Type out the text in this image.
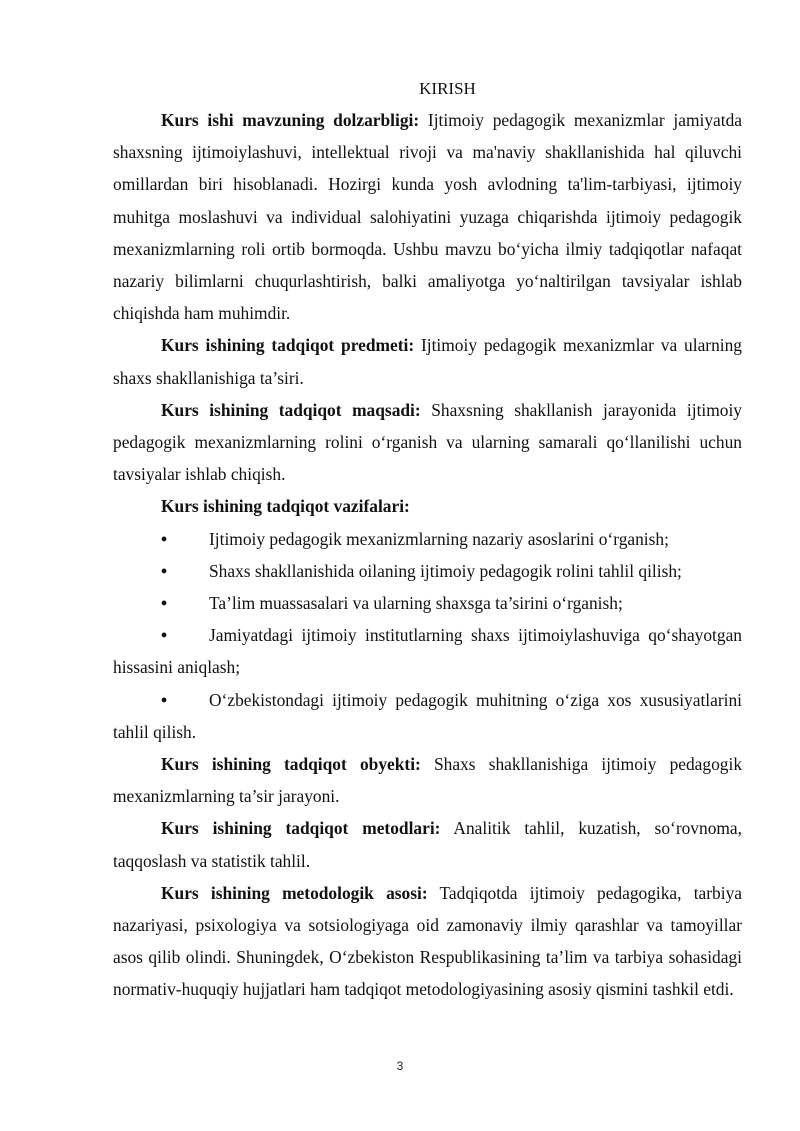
KIRISH

Kurs ishi mavzuning dolzarbligi: Ijtimoiy pedagogik mexanizmlar jamiyatda shaxsning ijtimoiylashuvi, intellektual rivoji va ma'naviy shakllanishida hal qiluvchi omillardan biri hisoblanadi. Hozirgi kunda yosh avlodning ta'lim-tarbiyasi, ijtimoiy muhitga moslashuvi va individual salohiyatini yuzaga chiqarishda ijtimoiy pedagogik mexanizmlarning roli ortib bormoqda. Ushbu mavzu bo‘yicha ilmiy tadqiqotlar nafaqat nazariy bilimlarni chuqurlashtirish, balki amaliyotga yo‘naltirilgan tavsiyalar ishlab chiqishda ham muhimdir.

Kurs ishining tadqiqot predmeti: Ijtimoiy pedagogik mexanizmlar va ularning shaxs shakllanishiga ta’siri.

Kurs ishining tadqiqot maqsadi: Shaxsning shakllanish jarayonida ijtimoiy pedagogik mexanizmlarning rolini o‘rganish va ularning samarali qo‘llanilishi uchun tavsiyalar ishlab chiqish.

Kurs ishining tadqiqot vazifalari:

• Ijtimoiy pedagogik mexanizmlarning nazariy asoslarini o‘rganish;

• Shaxs shakllanishida oilaning ijtimoiy pedagogik rolini tahlil qilish;

• Ta’lim muassasalari va ularning shaxsga ta’sirini o‘rganish;

• Jamiyatdagi ijtimoiy institutlarning shaxs ijtimoiylashuviga qo‘shayotgan hissasini aniqlash;

• O‘zbekistondagi ijtimoiy pedagogik muhitning o‘ziga xos xususiyatlarini tahlil qilish.

Kurs ishining tadqiqot obyekti: Shaxs shakllanishiga ijtimoiy pedagogik mexanizmlarning ta’sir jarayoni.

Kurs ishining tadqiqot metodlari: Analitik tahlil, kuzatish, so‘rovnoma, taqqoslash va statistik tahlil.

Kurs ishining metodologik asosi: Tadqiqotda ijtimoiy pedagogika, tarbiya nazariyasi, psixologiya va sotsiologiyaga oid zamonaviy ilmiy qarashlar va tamoyillar asos qilib olindi. Shuningdek, O‘zbekiston Respublikasining ta’lim va tarbiya sohasidagi normativ-huquqiy hujjatlari ham tadqiqot metodologiyasining asosiy qismini tashkil etdi.

3
